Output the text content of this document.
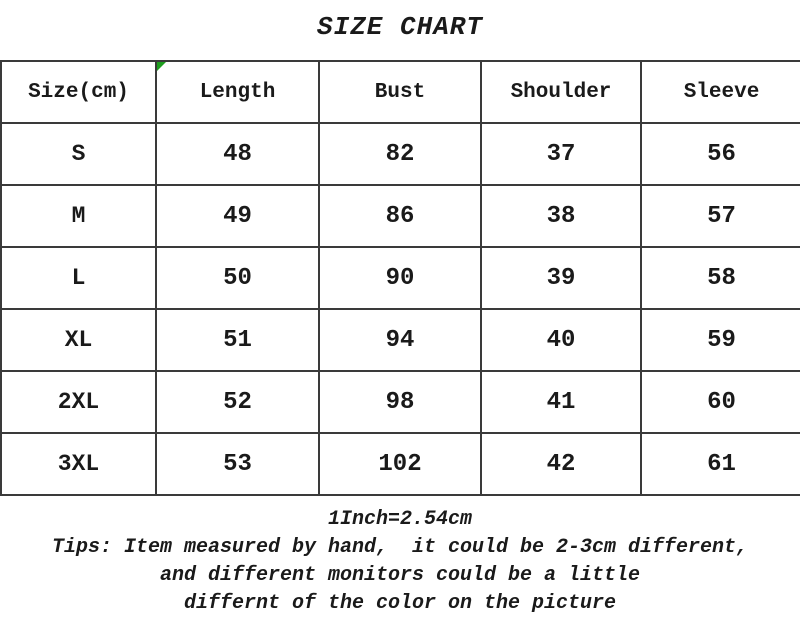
SIZE CHART
Size(cm)	Length	Bust	Shoulder	Sleeve
S	48	82	37	56
M	49	86	38	57
L	50	90	39	58
XL	51	94	40	59
2XL	52	98	41	60
3XL	53	102	42	61
1Inch=2.54cm
Tips: Item measured by hand,  it could be 2-3cm different,
and different monitors could be a little
differnt of the color on the picture
